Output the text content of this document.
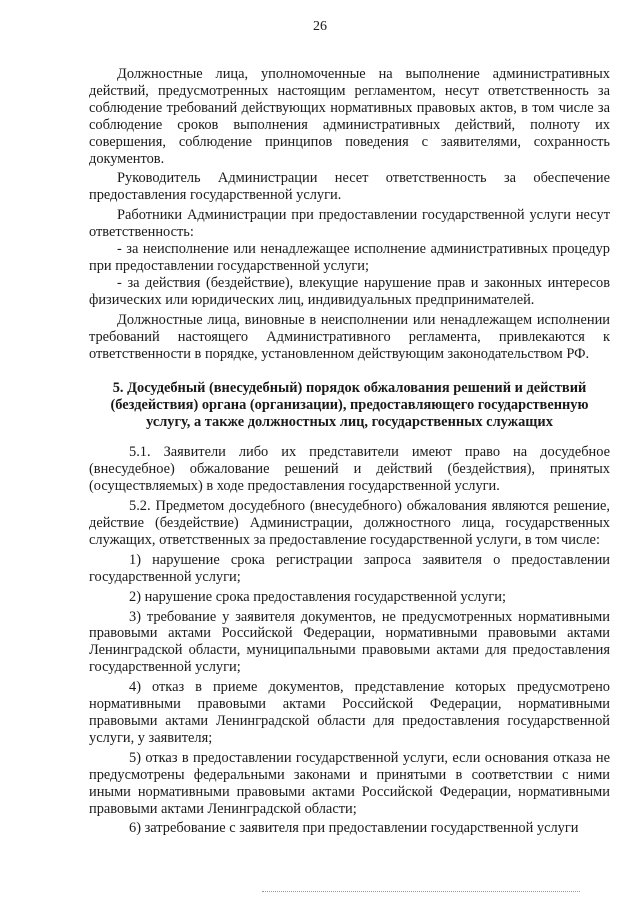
26

Должностные лица, уполномоченные на выполнение административных действий, предусмотренных настоящим регламентом, несут ответственность за соблюдение требований действующих нормативных правовых актов, в том числе за соблюдение сроков выполнения административных действий, полноту их совершения, соблюдение принципов поведения с заявителями, сохранность документов.

Руководитель Администрации несет ответственность за обеспечение предоставления государственной услуги.

Работники Администрации при предоставлении государственной услуги несут ответственность:

- за неисполнение или ненадлежащее исполнение административных процедур при предоставлении государственной услуги;

- за действия (бездействие), влекущие нарушение прав и законных интересов физических или юридических лиц, индивидуальных предпринимателей.

Должностные лица, виновные в неисполнении или ненадлежащем исполнении требований настоящего Административного регламента, привлекаются к ответственности в порядке, установленном действующим законодательством РФ.

5. Досудебный (внесудебный) порядок обжалования решений и действий
(бездействия) органа (организации), предоставляющего государственную
услугу, а также должностных лиц, государственных служащих

5.1. Заявители либо их представители имеют право на досудебное (внесудебное) обжалование решений и действий (бездействия), принятых (осуществляемых) в ходе предоставления государственной услуги.

5.2. Предметом досудебного (внесудебного) обжалования являются решение, действие (бездействие) Администрации, должностного лица, государственных служащих, ответственных за предоставление государственной услуги, в том числе:

1) нарушение срока регистрации запроса заявителя о предоставлении государственной услуги;

2) нарушение срока предоставления государственной услуги;

3) требование у заявителя документов, не предусмотренных нормативными правовыми актами Российской Федерации, нормативными правовыми актами Ленинградской области, муниципальными правовыми актами для предоставления государственной услуги;

4) отказ в приеме документов, представление которых предусмотрено нормативными правовыми актами Российской Федерации, нормативными правовыми актами Ленинградской области для предоставления государственной услуги, у заявителя;

5) отказ в предоставлении государственной услуги, если основания отказа не предусмотрены федеральными законами и принятыми в соответствии с ними иными нормативными правовыми актами Российской Федерации, нормативными правовыми актами Ленинградской области;

6) затребование с заявителя при предоставлении государственной услуги
